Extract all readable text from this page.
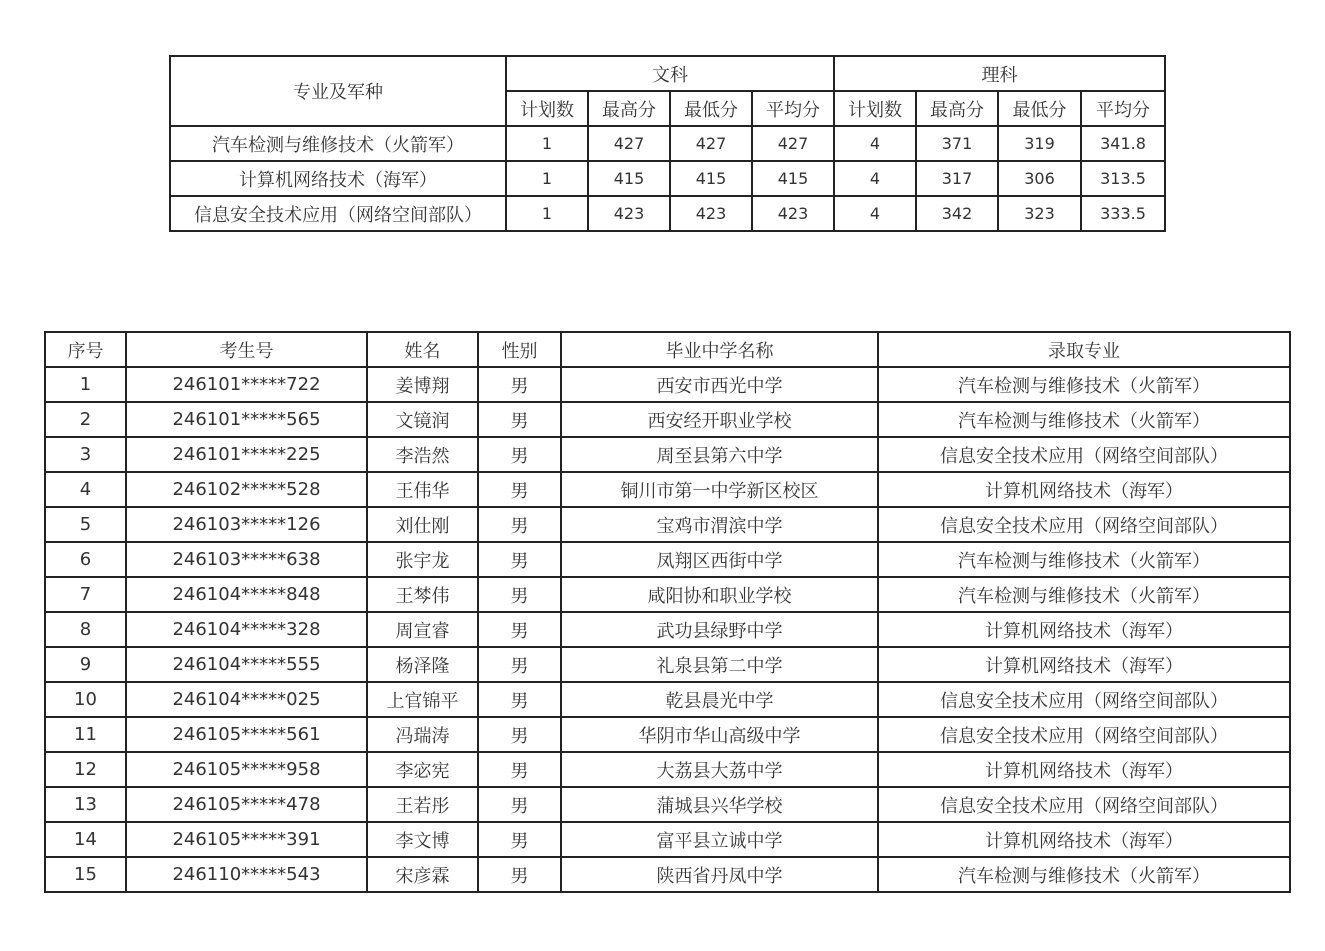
专业及军种	文科				理科			
	计划数	最高分	最低分	平均分	计划数	最高分	最低分	平均分
汽车检测与维修技术（火箭军）	1	427	427	427	4	371	319	341.8
计算机网络技术（海军）	1	415	415	415	4	317	306	313.5
信息安全技术应用（网络空间部队）	1	423	423	423	4	342	323	333.5
序号	考生号	姓名	性别	毕业中学名称	录取专业
1	246101*****722	姜博翔	男	西安市西光中学	汽车检测与维修技术（火箭军）
2	246101*****565	文镜润	男	西安经开职业学校	汽车检测与维修技术（火箭军）
3	246101*****225	李浩然	男	周至县第六中学	信息安全技术应用（网络空间部队）
4	246102*****528	王伟华	男	铜川市第一中学新区校区	计算机网络技术（海军）
5	246103*****126	刘仕刚	男	宝鸡市渭滨中学	信息安全技术应用（网络空间部队）
6	246103*****638	张宇龙	男	凤翔区西街中学	汽车检测与维修技术（火箭军）
7	246104*****848	王棽伟	男	咸阳协和职业学校	汽车检测与维修技术（火箭军）
8	246104*****328	周宣睿	男	武功县绿野中学	计算机网络技术（海军）
9	246104*****555	杨泽隆	男	礼泉县第二中学	计算机网络技术（海军）
10	246104*****025	上官锦平	男	乾县晨光中学	信息安全技术应用（网络空间部队）
11	246105*****561	冯瑞涛	男	华阴市华山高级中学	信息安全技术应用（网络空间部队）
12	246105*****958	李宓宪	男	大荔县大荔中学	计算机网络技术（海军）
13	246105*****478	王若彤	男	蒲城县兴华学校	信息安全技术应用（网络空间部队）
14	246105*****391	李文博	男	富平县立诚中学	计算机网络技术（海军）
15	246110*****543	宋彦霖	男	陕西省丹凤中学	汽车检测与维修技术（火箭军）
